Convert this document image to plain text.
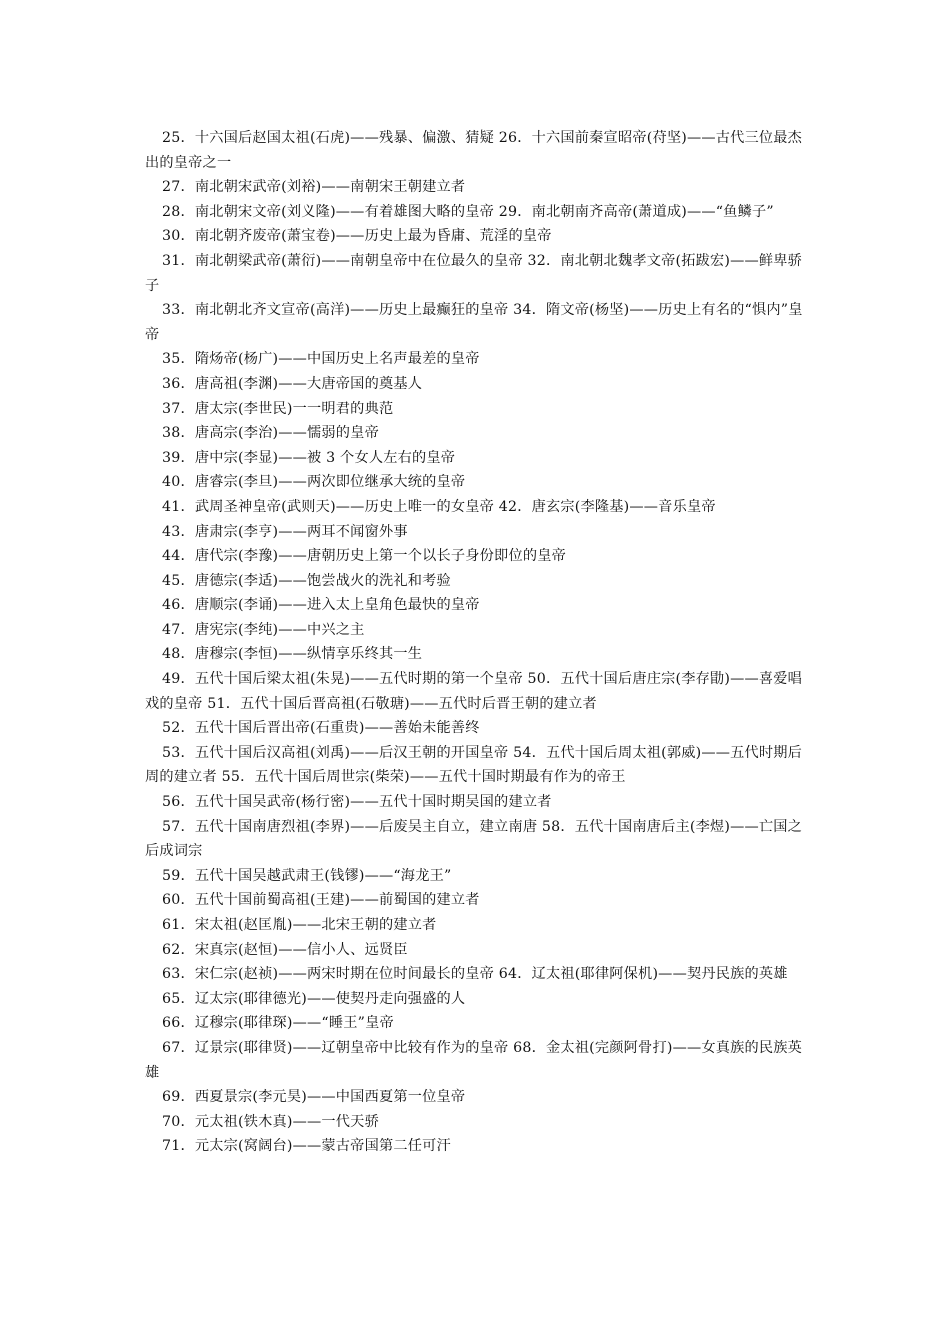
25．十六国后赵国太祖(石虎)——残暴、偏激、猜疑 26．十六国前秦宣昭帝(苻坚)——古代三位最杰出的皇帝之一

27．南北朝宋武帝(刘裕)——南朝宋王朝建立者

28．南北朝宋文帝(刘义隆)——有着雄图大略的皇帝 29．南北朝南齐高帝(萧道成)——“鱼鳞子”

30．南北朝齐废帝(萧宝卷)——历史上最为昏庸、荒淫的皇帝

31．南北朝梁武帝(萧衍)——南朝皇帝中在位最久的皇帝 32．南北朝北魏孝文帝(拓跋宏)——鲜卑骄子

33．南北朝北齐文宣帝(高洋)——历史上最癫狂的皇帝 34．隋文帝(杨坚)——历史上有名的“惧内”皇帝

35．隋炀帝(杨广)——中国历史上名声最差的皇帝

36．唐高祖(李渊)——大唐帝国的奠基人

37．唐太宗(李世民)一一明君的典范

38．唐高宗(李治)——懦弱的皇帝

39．唐中宗(李显)——被 3 个女人左右的皇帝

40．唐睿宗(李旦)——两次即位继承大统的皇帝

41．武周圣神皇帝(武则天)——历史上唯一的女皇帝 42．唐玄宗(李隆基)——音乐皇帝

43．唐肃宗(李亨)——两耳不闻窗外事

44．唐代宗(李豫)——唐朝历史上第一个以长子身份即位的皇帝

45．唐德宗(李适)——饱尝战火的洗礼和考验

46．唐顺宗(李诵)——进入太上皇角色最快的皇帝

47．唐宪宗(李纯)——中兴之主

48．唐穆宗(李恒)——纵情享乐终其一生

49．五代十国后梁太祖(朱晃)——五代时期的第一个皇帝 50．五代十国后唐庄宗(李存勖)——喜爱唱戏的皇帝 51．五代十国后晋高祖(石敬瑭)——五代时后晋王朝的建立者

52．五代十国后晋出帝(石重贵)——善始未能善终

53．五代十国后汉高祖(刘禹)——后汉王朝的开国皇帝 54．五代十国后周太祖(郭威)——五代时期后周的建立者 55．五代十国后周世宗(柴荣)——五代十国时期最有作为的帝王

56．五代十国吴武帝(杨行密)——五代十国时期吴国的建立者

57．五代十国南唐烈祖(李界)——后废吴主自立，建立南唐 58．五代十国南唐后主(李煜)——亡国之后成词宗

59．五代十国吴越武肃王(钱镠)——“海龙王”

60．五代十国前蜀高祖(王建)——前蜀国的建立者

61．宋太祖(赵匡胤)——北宋王朝的建立者

62．宋真宗(赵恒)——信小人、远贤臣

63．宋仁宗(赵祯)——两宋时期在位时间最长的皇帝 64．辽太祖(耶律阿保机)——契丹民族的英雄

65．辽太宗(耶律德光)——使契丹走向强盛的人

66．辽穆宗(耶律琛)——“睡王”皇帝

67．辽景宗(耶律贤)——辽朝皇帝中比较有作为的皇帝 68．金太祖(完颜阿骨打)——女真族的民族英雄

69．西夏景宗(李元昊)——中国西夏第一位皇帝

70．元太祖(铁木真)——一代天骄

71．元太宗(窝阔台)——蒙古帝国第二任可汗
